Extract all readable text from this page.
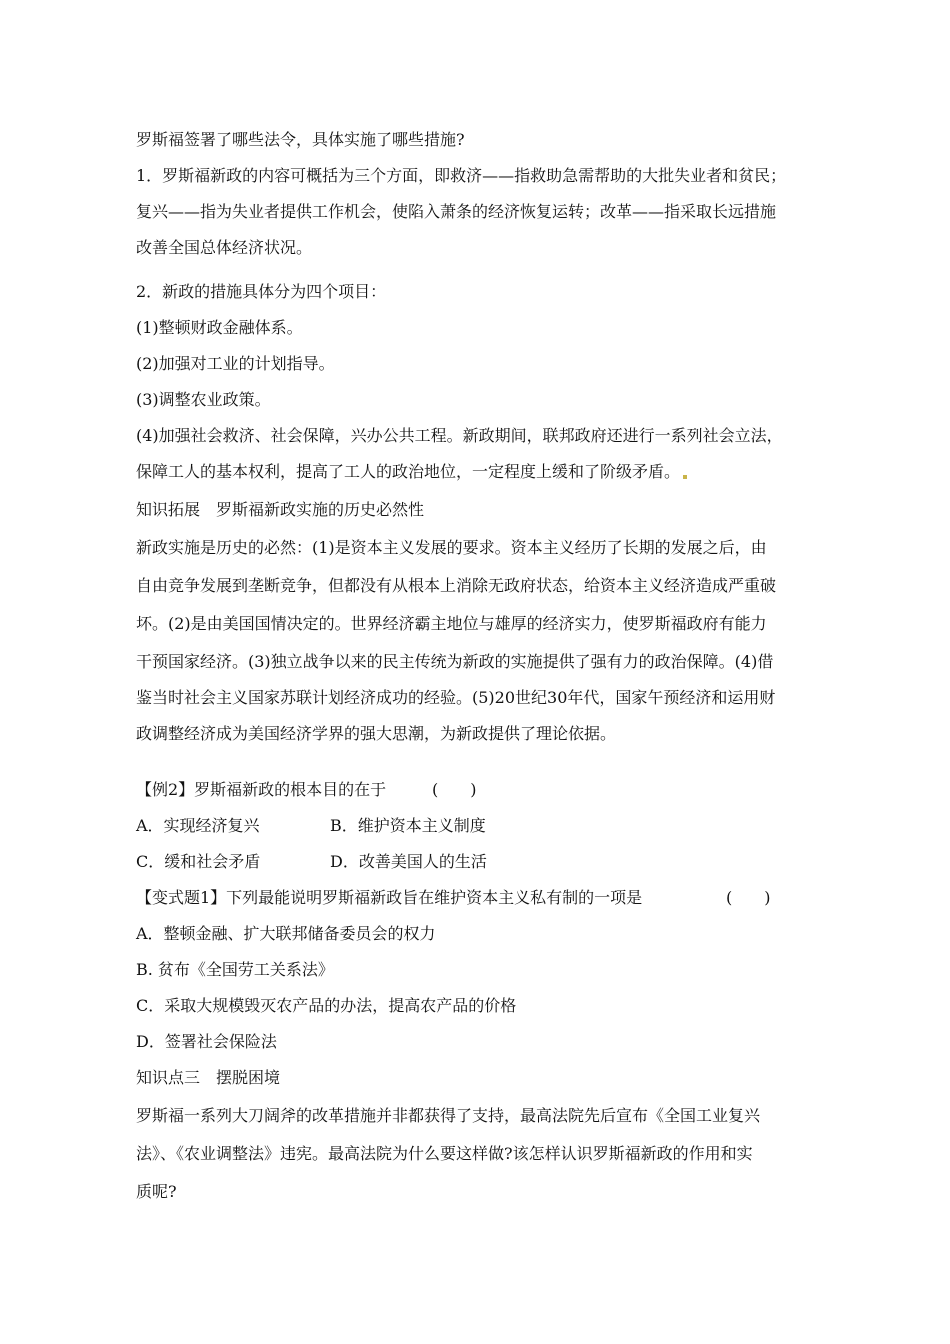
罗斯福签署了哪些法令，具体实施了哪些措施?
1．罗斯福新政的内容可概括为三个方面，即救济——指救助急需帮助的大批失业者和贫民；
复兴——指为失业者提供工作机会，使陷入萧条的经济恢复运转；改革——指采取长远措施
改善全国总体经济状况。
2．新政的措施具体分为四个项目：
(1)整顿财政金融体系。
(2)加强对工业的计划指导。
(3)调整农业政策。
(4)加强社会救济、社会保障，兴办公共工程。新政期间，联邦政府还进行一系列社会立法，
保障工人的基本权利，提高了工人的政治地位，一定程度上缓和了阶级矛盾。
知识拓展　罗斯福新政实施的历史必然性
新政实施是历史的必然：(1)是资本主义发展的要求。资本主义经历了长期的发展之后，由
自由竞争发展到垄断竞争，但都没有从根本上消除无政府状态，给资本主义经济造成严重破
坏。(2)是由美国国情决定的。世界经济霸主地位与雄厚的经济实力，使罗斯福政府有能力
干预国家经济。(3)独立战争以来的民主传统为新政的实施提供了强有力的政治保障。(4)借
鉴当时社会主义国家苏联计划经济成功的经验。(5)20世纪30年代，国家午预经济和运用财
政调整经济成为美国经济学界的强大思潮，为新政提供了理论依据。
【例2】罗斯福新政的根本目的在于	(　　)
A．实现经济复兴	B．维护资本主义制度
C．缓和社会矛盾	D．改善美国人的生活
【变式题1】下列最能说明罗斯福新政旨在维护资本主义私有制的一项是	(　　)
A．整顿金融、扩大联邦储备委员会的权力
B. 贫布《全国劳工关系法》
C．采取大规模毁灭农产品的办法，提高农产品的价格
D．签署社会保险法
知识点三　摆脱困境
罗斯福一系列大刀阔斧的改革措施并非都获得了支持，最高法院先后宣布《全国工业复兴
法》、《农业调整法》违宪。最高法院为什么要这样做?该怎样认识罗斯福新政的作用和实
质呢?
